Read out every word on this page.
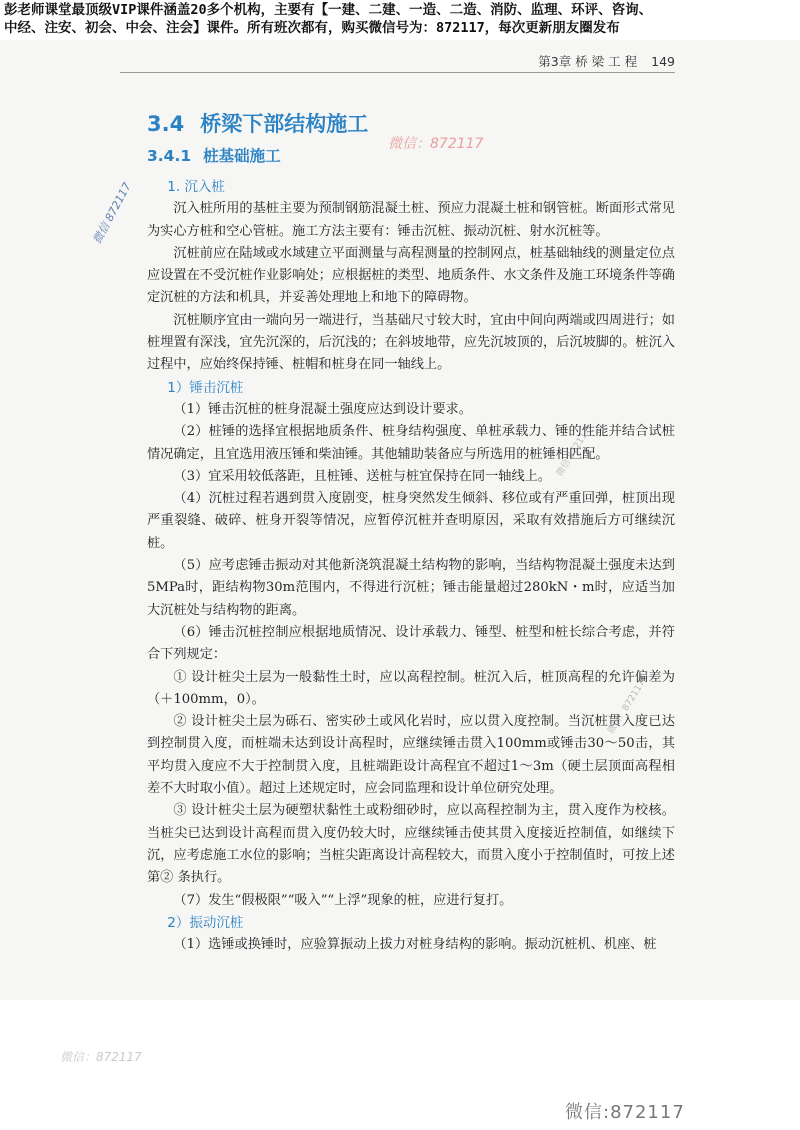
彭老师课堂最顶级VIP课件涵盖20多个机构，主要有【一建、二建、一造、二造、消防、监理、环评、咨询、
中经、注安、初会、中会、注会】课件。所有班次都有，购买微信号为：872117，每次更新朋友圈发布
第3章 桥 梁 工 程 149
3.4 桥梁下部结构施工
3.4.1 桩基础施工
微信：872117
微信 872117
微信 872117
微信：872117
1. 沉入桩

沉入桩所用的基桩主要为预制钢筋混凝土桩、预应力混凝土桩和钢管桩。断面形式常见为实心方桩和空心管桩。施工方法主要有：锤击沉桩、振动沉桩、射水沉桩等。

沉桩前应在陆域或水域建立平面测量与高程测量的控制网点，桩基础轴线的测量定位点应设置在不受沉桩作业影响处；应根据桩的类型、地质条件、水文条件及施工环境条件等确定沉桩的方法和机具，并妥善处理地上和地下的障碍物。

沉桩顺序宜由一端向另一端进行，当基础尺寸较大时，宜由中间向两端或四周进行；如桩埋置有深浅，宜先沉深的，后沉浅的；在斜坡地带，应先沉坡顶的，后沉坡脚的。桩沉入过程中，应始终保持锤、桩帽和桩身在同一轴线上。

1）锤击沉桩

（1）锤击沉桩的桩身混凝土强度应达到设计要求。

（2）桩锤的选择宜根据地质条件、桩身结构强度、单桩承载力、锤的性能并结合试桩情况确定，且宜选用液压锤和柴油锤。其他辅助装备应与所选用的桩锤相匹配。

（3）宜采用较低落距，且桩锤、送桩与桩宜保持在同一轴线上。

（4）沉桩过程若遇到贯入度剧变，桩身突然发生倾斜、移位或有严重回弹，桩顶出现严重裂缝、破碎、桩身开裂等情况，应暂停沉桩并查明原因，采取有效措施后方可继续沉桩。

（5）应考虑锤击振动对其他新浇筑混凝土结构物的影响，当结构物混凝土强度未达到5MPa时，距结构物30m范围内，不得进行沉桩；锤击能量超过280kN・m时，应适当加大沉桩处与结构物的距离。

（6）锤击沉桩控制应根据地质情况、设计承载力、锤型、桩型和桩长综合考虑，并符合下列规定：

① 设计桩尖土层为一般黏性土时，应以高程控制。桩沉入后，桩顶高程的允许偏差为（＋100mm，0）。

② 设计桩尖土层为砾石、密实砂土或风化岩时，应以贯入度控制。当沉桩贯入度已达到控制贯入度，而桩端未达到设计高程时，应继续锤击贯入100mm或锤击30～50击，其平均贯入度应不大于控制贯入度，且桩端距设计高程宜不超过1～3m（硬土层顶面高程相差不大时取小值）。超过上述规定时，应会同监理和设计单位研究处理。

③ 设计桩尖土层为硬塑状黏性土或粉细砂时，应以高程控制为主，贯入度作为校核。当桩尖已达到设计高程而贯入度仍较大时，应继续锤击使其贯入度接近控制值，如继续下沉，应考虑施工水位的影响；当桩尖距离设计高程较大，而贯入度小于控制值时，可按上述第② 条执行。

（7）发生“假极限”“吸入”“上浮”现象的桩，应进行复打。

2）振动沉桩

（1）选锤或换锤时，应验算振动上拔力对桩身结构的影响。振动沉桩机、机座、桩

微信：872117
微信:872117
